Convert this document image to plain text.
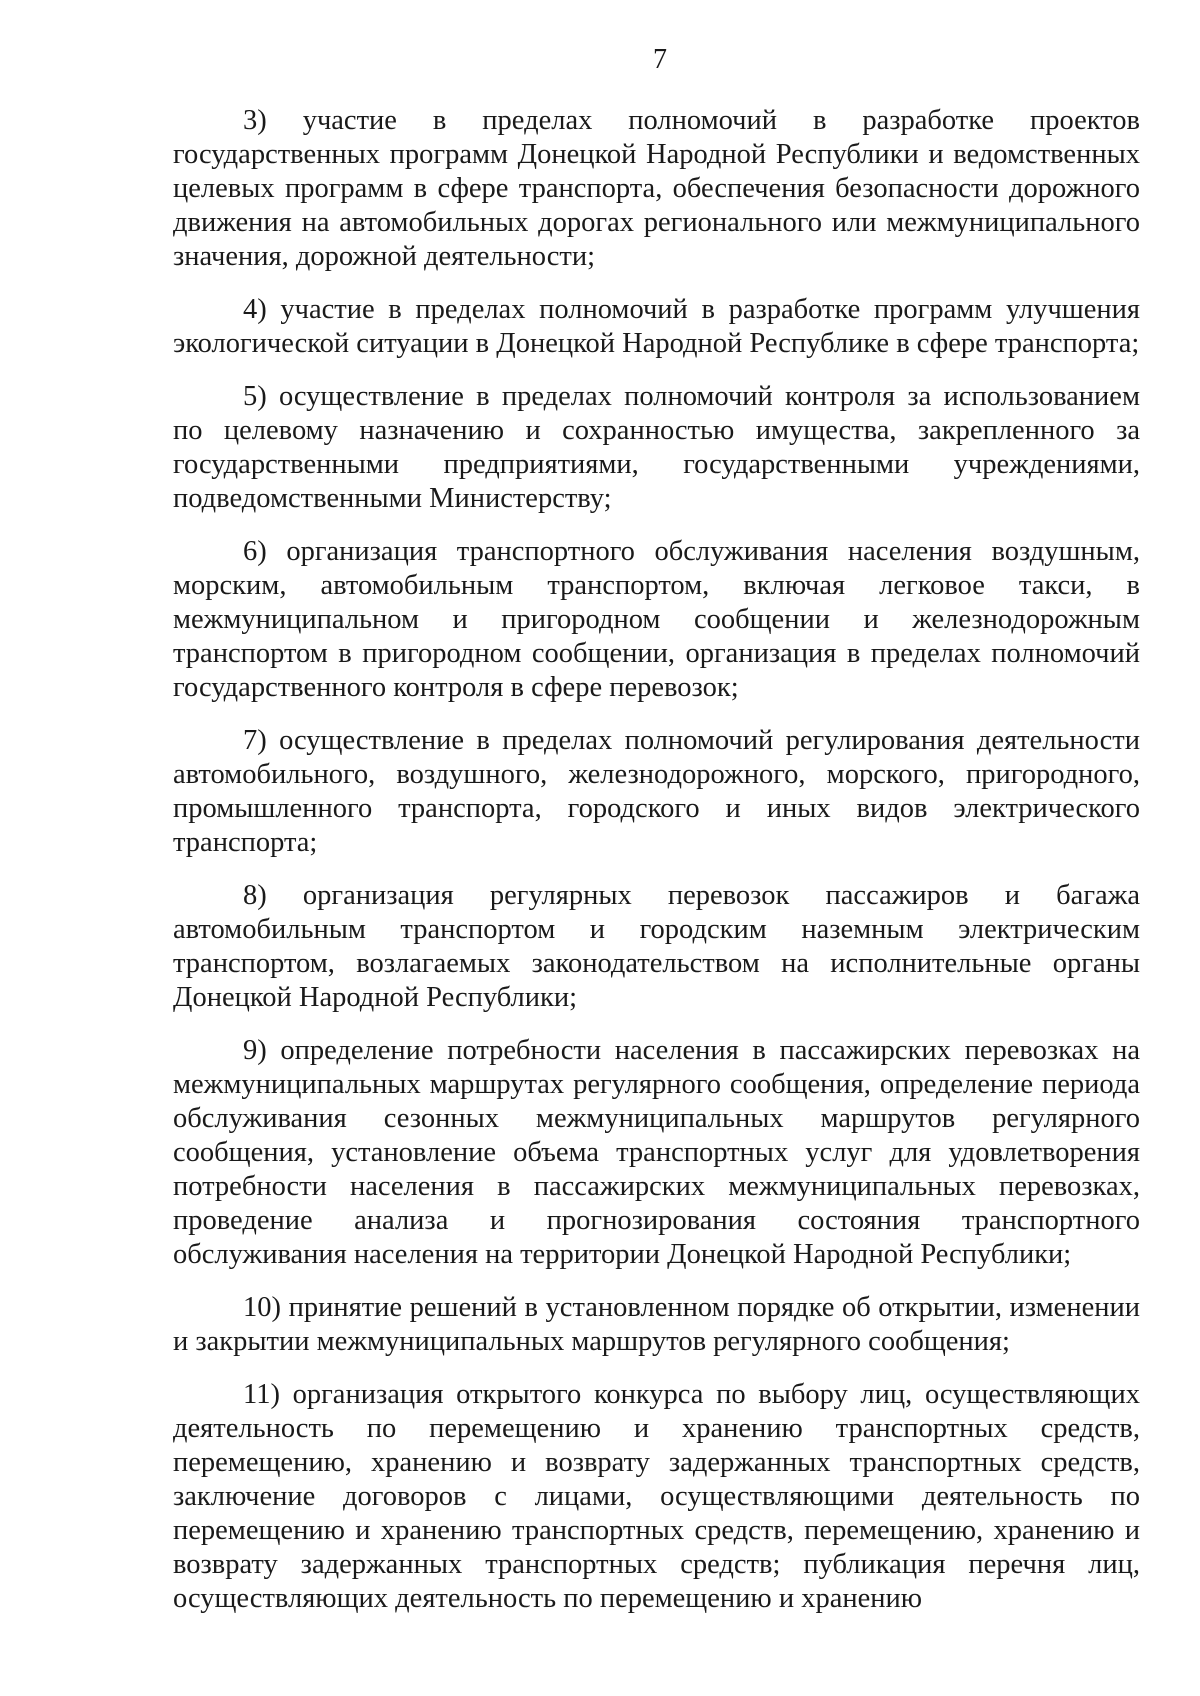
7

3) участие в пределах полномочий в разработке проектов государственных программ Донецкой Народной Республики и ведомственных целевых программ в сфере транспорта, обеспечения безопасности дорожного движения на автомобильных дорогах регионального или межмуниципального значения, дорожной деятельности;

4) участие в пределах полномочий в разработке программ улучшения экологической ситуации в Донецкой Народной Республике в сфере транспорта;

5) осуществление в пределах полномочий контроля за использованием по целевому назначению и сохранностью имущества, закрепленного за государственными предприятиями, государственными учреждениями, подведомственными Министерству;

6) организация транспортного обслуживания населения воздушным, морским, автомобильным транспортом, включая легковое такси, в межмуниципальном и пригородном сообщении и железнодорожным транспортом в пригородном сообщении, организация в пределах полномочий государственного контроля в сфере перевозок;

7) осуществление в пределах полномочий регулирования деятельности автомобильного, воздушного, железнодорожного, морского, пригородного, промышленного транспорта, городского и иных видов электрического транспорта;

8) организация регулярных перевозок пассажиров и багажа автомобильным транспортом и городским наземным электрическим транспортом, возлагаемых законодательством на исполнительные органы Донецкой Народной Республики;

9) определение потребности населения в пассажирских перевозках на межмуниципальных маршрутах регулярного сообщения, определение периода обслуживания сезонных межмуниципальных маршрутов регулярного сообщения, установление объема транспортных услуг для удовлетворения потребности населения в пассажирских межмуниципальных перевозках, проведение анализа и прогнозирования состояния транспортного обслуживания населения на территории Донецкой Народной Республики;

10) принятие решений в установленном порядке об открытии, изменении и закрытии межмуниципальных маршрутов регулярного сообщения;

11) организация открытого конкурса по выбору лиц, осуществляющих деятельность по перемещению и хранению транспортных средств, перемещению, хранению и возврату задержанных транспортных средств, заключение договоров с лицами, осуществляющими деятельность по перемещению и хранению транспортных средств, перемещению, хранению и возврату задержанных транспортных средств; публикация перечня лиц, осуществляющих деятельность по перемещению и хранению
